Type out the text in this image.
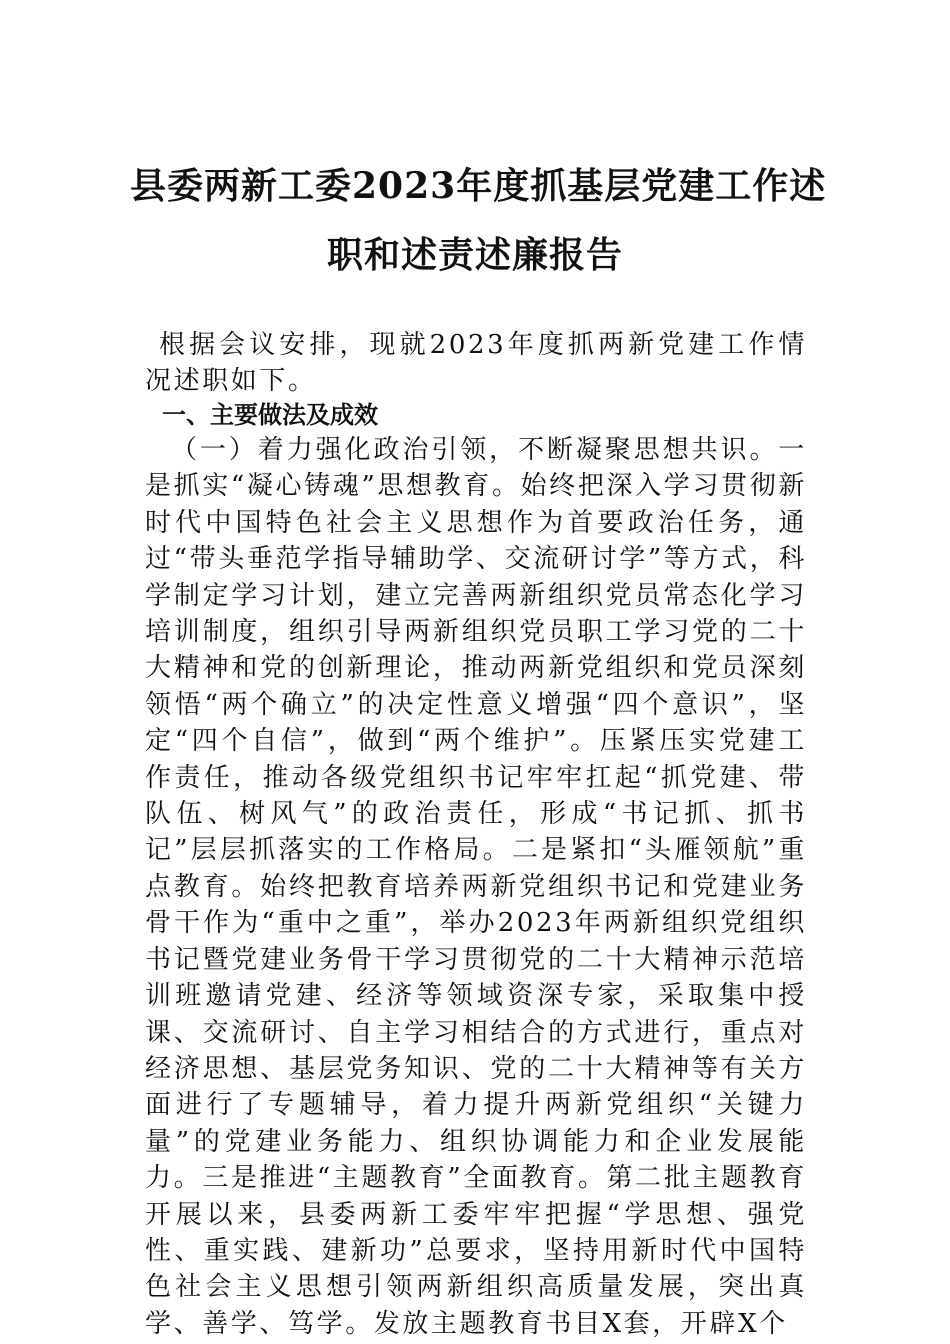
县委两新工委2023年度抓基层党建工作述
职和述责述廉报告
根据会议安排，现就2023年度抓两新党建工作情况述职如下。
一、主要做法及成效
（一）着力强化政治引领，不断凝聚思想共识。一是抓实“凝心铸魂”思想教育。始终把深入学习贯彻新时代中国特色社会主义思想作为首要政治任务，通过“带头垂范学指导辅助学、交流研讨学”等方式，科学制定学习计划，建立完善两新组织党员常态化学习培训制度，组织引导两新组织党员职工学习党的二十大精神和党的创新理论，推动两新党组织和党员深刻领悟“两个确立”的决定性意义增强“四个意识”，坚定“四个自信”，做到“两个维护”。压紧压实党建工作责任，推动各级党组织书记牢牢扛起“抓党建、带队伍、树风气”的政治责任，形成“书记抓、抓书记”层层抓落实的工作格局。二是紧扣“头雁领航”重点教育。始终把教育培养两新党组织书记和党建业务骨干作为“重中之重”，举办2023年两新组织党组织书记暨党建业务骨干学习贯彻党的二十大精神示范培训班邀请党建、经济等领域资深专家，采取集中授课、交流研讨、自主学习相结合的方式进行，重点对经济思想、基层党务知识、党的二十大精神等有关方面进行了专题辅导，着力提升两新党组织“关键力量”的党建业务能力、组织协调能力和企业发展能力。三是推进“主题教育”全面教育。第二批主题教育开展以来，县委两新工委牢牢把握“学思想、强党性、重实践、建新功”总要求，坚持用新时代中国特色社会主义思想引领两新组织高质量发展，突出真学、善学、笃学。发放主题教育书目X套，开辟X个
